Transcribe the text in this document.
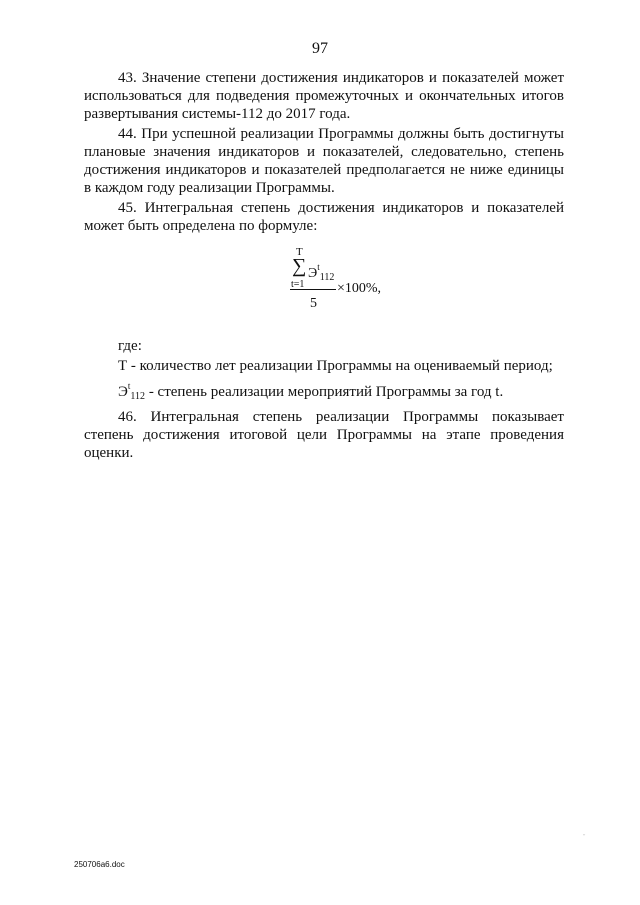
97

43. Значение степени достижения индикаторов и показателей может использоваться для подведения промежуточных и окончательных итогов развертывания системы-112 до 2017 года.

44. При успешной реализации Программы должны быть достигнуты плановые значения индикаторов и показателей, следовательно, степень достижения индикаторов и показателей предполагается не ниже единицы в каждом году реализации Программы.

45. Интегральная степень достижения индикаторов и показателей может быть определена по формуле:

T
∑ $Э^t_{112}$
t=1
5
×100%,

где:

Т - количество лет реализации Программы на оцениваемый период;

$Э^t_{112}$ - степень реализации мероприятий Программы за год t.

46. Интегральная степень реализации Программы показывает степень достижения итоговой цели Программы на этапе проведения оценки.

"
250706a6.doc
